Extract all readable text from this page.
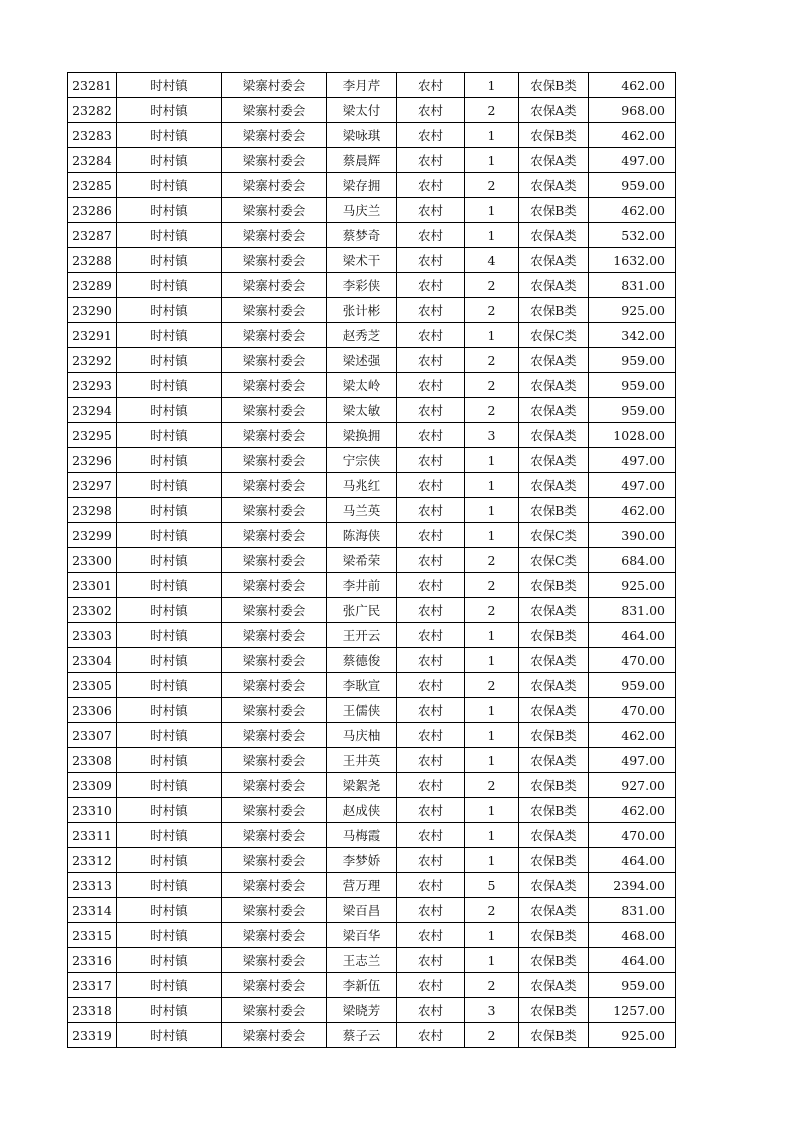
23281	时村镇	梁寨村委会	李月芹	农村	1	农保B类	462.00
23282	时村镇	梁寨村委会	梁太付	农村	2	农保A类	968.00
23283	时村镇	梁寨村委会	梁咏琪	农村	1	农保B类	462.00
23284	时村镇	梁寨村委会	蔡晨辉	农村	1	农保A类	497.00
23285	时村镇	梁寨村委会	梁存拥	农村	2	农保A类	959.00
23286	时村镇	梁寨村委会	马庆兰	农村	1	农保B类	462.00
23287	时村镇	梁寨村委会	蔡梦奇	农村	1	农保A类	532.00
23288	时村镇	梁寨村委会	梁术干	农村	4	农保A类	1632.00
23289	时村镇	梁寨村委会	李彩侠	农村	2	农保A类	831.00
23290	时村镇	梁寨村委会	张计彬	农村	2	农保B类	925.00
23291	时村镇	梁寨村委会	赵秀芝	农村	1	农保C类	342.00
23292	时村镇	梁寨村委会	梁述强	农村	2	农保A类	959.00
23293	时村镇	梁寨村委会	梁太岭	农村	2	农保A类	959.00
23294	时村镇	梁寨村委会	梁太敏	农村	2	农保A类	959.00
23295	时村镇	梁寨村委会	梁换拥	农村	3	农保A类	1028.00
23296	时村镇	梁寨村委会	宁宗侠	农村	1	农保A类	497.00
23297	时村镇	梁寨村委会	马兆红	农村	1	农保A类	497.00
23298	时村镇	梁寨村委会	马兰英	农村	1	农保B类	462.00
23299	时村镇	梁寨村委会	陈海侠	农村	1	农保C类	390.00
23300	时村镇	梁寨村委会	梁希荣	农村	2	农保C类	684.00
23301	时村镇	梁寨村委会	李井前	农村	2	农保B类	925.00
23302	时村镇	梁寨村委会	张广民	农村	2	农保A类	831.00
23303	时村镇	梁寨村委会	王开云	农村	1	农保B类	464.00
23304	时村镇	梁寨村委会	蔡德俊	农村	1	农保A类	470.00
23305	时村镇	梁寨村委会	李耿宣	农村	2	农保A类	959.00
23306	时村镇	梁寨村委会	王儒侠	农村	1	农保A类	470.00
23307	时村镇	梁寨村委会	马庆柚	农村	1	农保B类	462.00
23308	时村镇	梁寨村委会	王井英	农村	1	农保A类	497.00
23309	时村镇	梁寨村委会	梁絮尧	农村	2	农保B类	927.00
23310	时村镇	梁寨村委会	赵成侠	农村	1	农保B类	462.00
23311	时村镇	梁寨村委会	马梅霞	农村	1	农保A类	470.00
23312	时村镇	梁寨村委会	李梦娇	农村	1	农保B类	464.00
23313	时村镇	梁寨村委会	营万理	农村	5	农保A类	2394.00
23314	时村镇	梁寨村委会	梁百昌	农村	2	农保A类	831.00
23315	时村镇	梁寨村委会	梁百华	农村	1	农保B类	468.00
23316	时村镇	梁寨村委会	王志兰	农村	1	农保B类	464.00
23317	时村镇	梁寨村委会	李新伍	农村	2	农保A类	959.00
23318	时村镇	梁寨村委会	梁晓芳	农村	3	农保B类	1257.00
23319	时村镇	梁寨村委会	蔡子云	农村	2	农保B类	925.00
